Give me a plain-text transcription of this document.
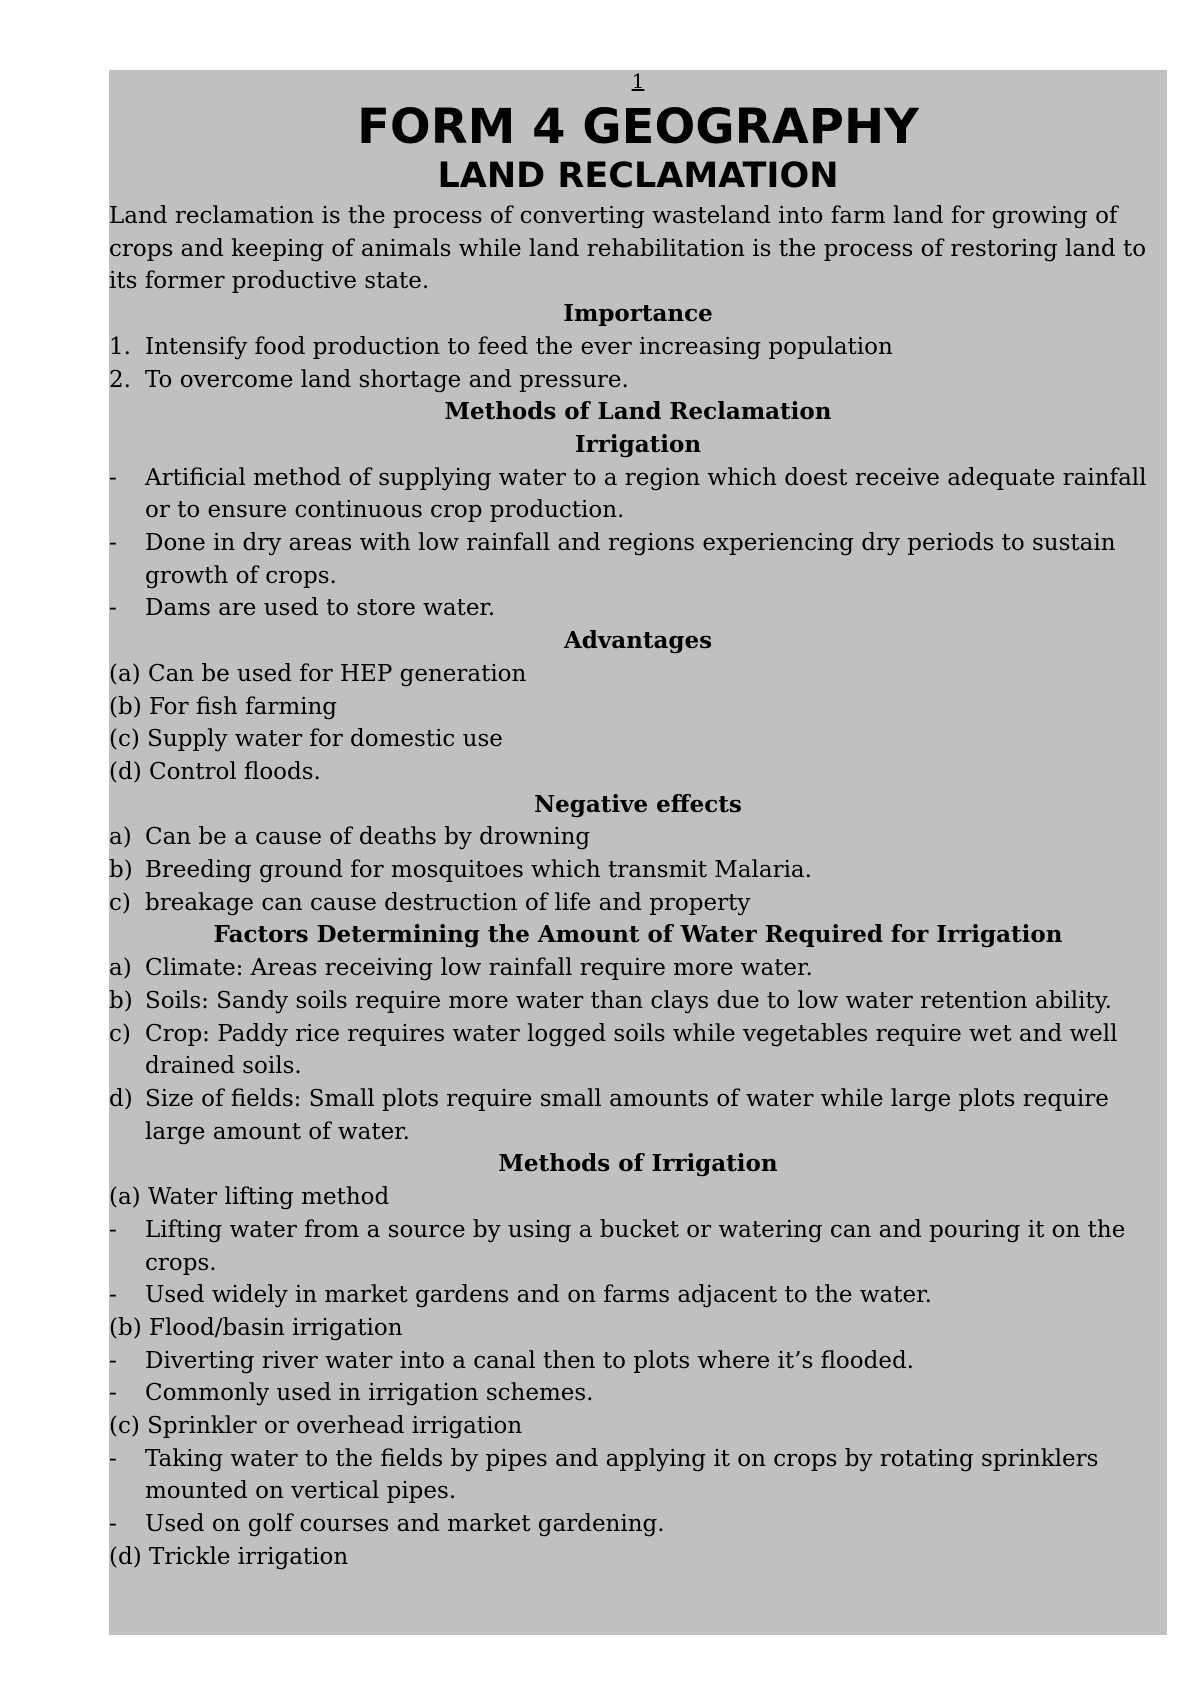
1
FORM 4 GEOGRAPHY
LAND RECLAMATION

Land reclamation is the process of converting wasteland into farm land for growing of crops and keeping of animals while land rehabilitation is the process of restoring land to its former productive state.

Importance
1. Intensify food production to feed the ever increasing population
2. To overcome land shortage and pressure.
Methods of Land Reclamation
Irrigation
-	Artificial method of supplying water to a region which doest receive adequate rainfall or to ensure continuous crop production.
-	Done in dry areas with low rainfall and regions experiencing dry periods to sustain growth of crops.
-	Dams are used to store water.
Advantages
(a) Can be used for HEP generation
(b) For fish farming
(c) Supply water for domestic use
(d) Control floods.
Negative effects
a) Can be a cause of deaths by drowning
b) Breeding ground for mosquitoes which transmit Malaria.
c) breakage can cause destruction of life and property
Factors Determining the Amount of Water Required for Irrigation
a) Climate: Areas receiving low rainfall require more water.
b) Soils: Sandy soils require more water than clays due to low water retention ability.
c) Crop: Paddy rice requires water logged soils while vegetables require wet and well drained soils.
d) Size of fields: Small plots require small amounts of water while large plots require large amount of water.
Methods of Irrigation
(a) Water lifting method
-	Lifting water from a source by using a bucket or watering can and pouring it on the crops.
-	Used widely in market gardens and on farms adjacent to the water.
(b) Flood/basin irrigation
-	Diverting river water into a canal then to plots where it’s flooded.
-	Commonly used in irrigation schemes.
(c) Sprinkler or overhead irrigation
-	Taking water to the fields by pipes and applying it on crops by rotating sprinklers mounted on vertical pipes.
-	Used on golf courses and market gardening.
(d) Trickle irrigation
